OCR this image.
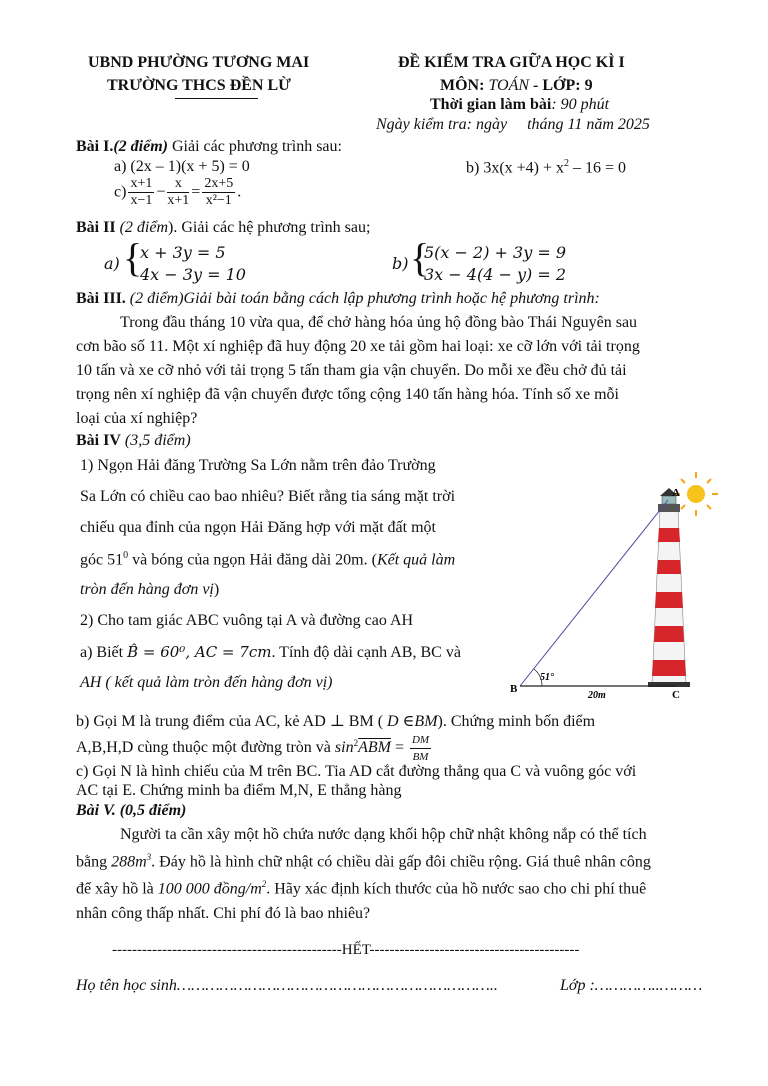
UBND PHƯỜNG TƯƠNG MAI
TRƯỜNG THCS ĐỀN LỪ
ĐỀ KIỂM TRA GIỮA HỌC KÌ I
MÔN: TOÁN - LỚP: 9
Thời gian làm bài: 90 phút
Ngày kiểm tra: ngày     tháng 11 năm 2025
Bài I.(2 điểm) Giải các phương trình sau:
a) (2x – 1)(x + 5) = 0	b) $3x(x +4) + x^2 - 16 = 0$
$c) \frac{x+1}{x-1} - \frac{x}{x+1} = \frac{2x+5}{\text{x²−1}}$ .
Bài II (2 điểm). Giải các hệ phương trình sau;
a) {
x + 3y = 5
4x − 3y = 10
b) {
5(x − 2) + 3y = 9
3x − 4(4 − y) = 2
Bài III. (2 điểm)Giải bài toán bằng cách lập phương trình hoặc hệ phương trình:
Trong đầu tháng 10 vừa qua, để chở hàng hóa ủng hộ đồng bào Thái Nguyên sau
cơn bão số 11. Một xí nghiệp đã huy động 20 xe tải gồm hai loại: xe cỡ lớn với tải trọng
10 tấn và xe cỡ nhỏ với tải trọng 5 tấn tham gia vận chuyển. Do mỗi xe đều chở đủ tải
trọng nên xí nghiệp đã vận chuyển được tổng cộng 140 tấn hàng hóa. Tính số xe mỗi
loại của xí nghiệp?
Bài IV (3,5 điểm)
1) Ngọn Hải đăng Trường Sa Lớn nằm trên đảo Trường
Sa Lớn có chiều cao bao nhiêu? Biết rằng tia sáng mặt trời
chiếu qua đỉnh của ngọn Hải Đăng hợp với mặt đất một
góc $51^0$ và bóng của ngọn Hải đăng dài 20m. (Kết quả làm
tròn đến hàng đơn vị)
2) Cho tam giác ABC vuông tại A và đường cao AH
a) Biết B̂ = 60⁰, AC = 7cm. Tính độ dài cạnh AB, BC và
AH ( kết quả làm tròn đến hàng đơn vị)
A
B	C
51°
20m
b) Gọi M là trung điểm của AC, kẻ AD ⊥ BM ( D ∈BM). Chứng minh bốn điểm
A,B,H,D cùng thuộc một đường tròn và $\sin^2\overline{ABM} = \frac{DM}{BM}$
c) Gọi N là hình chiếu của M trên BC. Tia AD cắt đường thẳng qua C và vuông góc với
AC tại E. Chứng minh ba điểm M,N, E thẳng hàng
Bài V. (0,5 điểm)
Người ta cần xây một hồ chứa nước dạng khối hộp chữ nhật không nắp có thể tích
bằng $288m^3$. Đáy hồ là hình chữ nhật có chiều dài gấp đôi chiều rộng. Giá thuê nhân công
để xây hồ là 100 000 đồng/$m^2$. Hãy xác định kích thước của hồ nước sao cho chi phí thuê
nhân công thấp nhất. Chi phí đó là bao nhiêu?
----------------------------------------------HẾT------------------------------------------
Họ tên học sinh…………………………………………………………..	Lớp :…………..………
